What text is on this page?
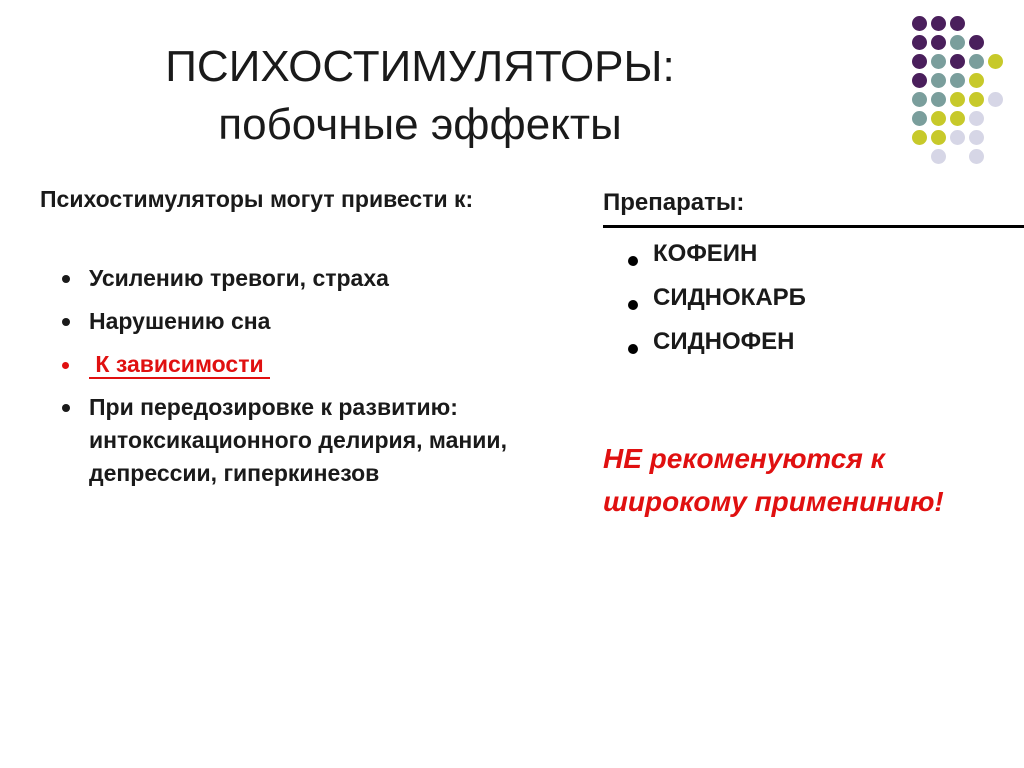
ПСИХОСТИМУЛЯТОРЫ:
побочные эффекты
Психостимуляторы могут привести к:
Усилению тревоги, страха
Нарушению сна
К зависимости
При передозировке к развитию: интоксикационного делирия, мании, депрессии, гиперкинезов
Препараты:
КОФЕИН
СИДНОКАРБ
СИДНОФЕН
НЕ рекоменуются к широкому применинию!
